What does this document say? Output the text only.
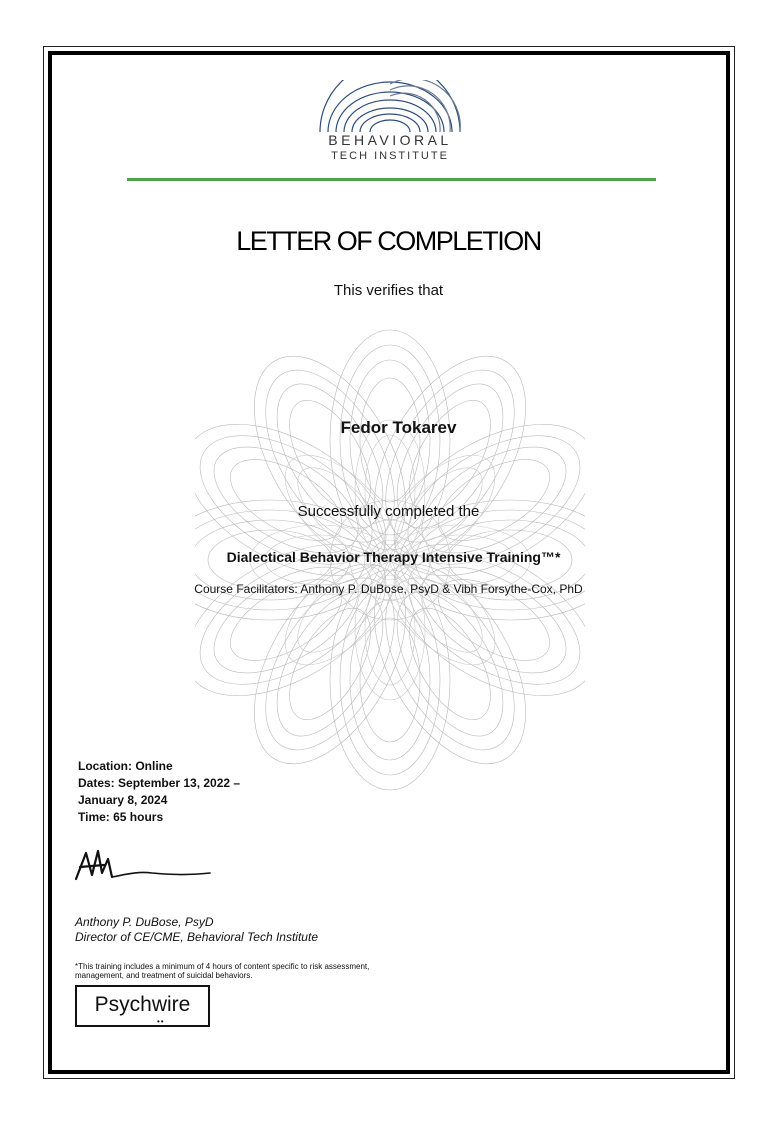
BEHAVIORAL
TECH INSTITUTE
LETTER OF COMPLETION
This verifies that
Fedor Tokarev
Successfully completed the
Dialectical Behavior Therapy Intensive Training™*
Course Facilitators: Anthony P. DuBose, PsyD & Vibh Forsythe-Cox, PhD
Location: Online
Dates: September 13, 2022 –
January 8, 2024
Time: 65 hours
Anthony P. DuBose, PsyD
Director of CE/CME, Behavioral Tech Institute
*This training includes a minimum of 4 hours of content specific to risk assessment, management, and treatment of suicidal behaviors.
Psychwire
••
